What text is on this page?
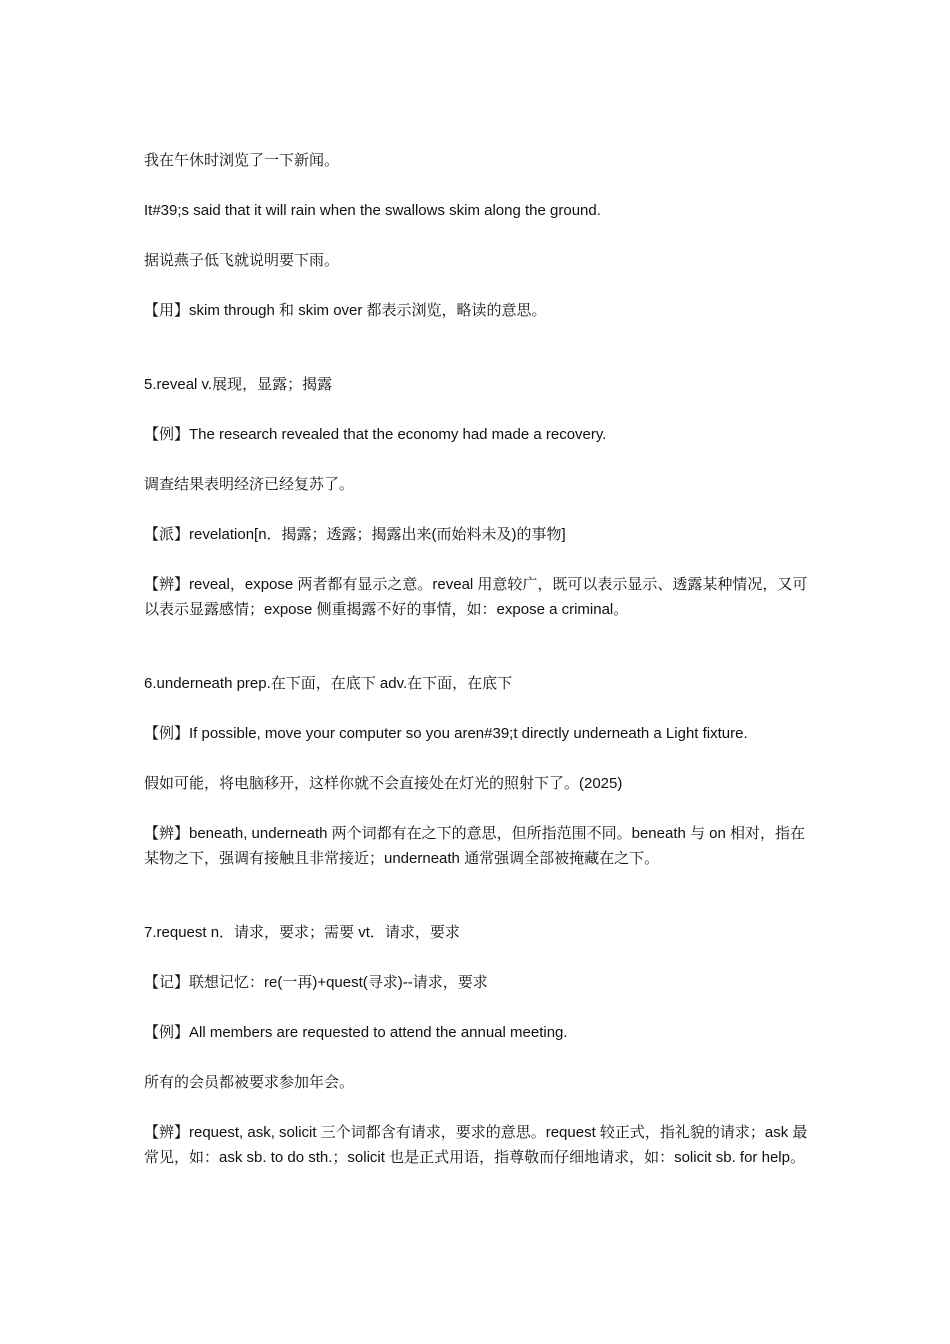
我在午休时浏览了一下新闻。

It#39;s said that it will rain when the swallows skim along the ground.

据说燕子低飞就说明要下雨。

【用】skim through 和 skim over 都表示浏览，略读的意思。

5.reveal v.展现，显露；揭露

【例】The research revealed that the economy had made a recovery.

调查结果表明经济已经复苏了。

【派】revelation[n．揭露；透露；揭露出来(而始料未及)的事物]

【辨】reveal，expose 两者都有显示之意。reveal 用意较广，既可以表示显示、透露某种情况，又可以表示显露感情；expose 侧重揭露不好的事情，如：expose a criminal。

6.underneath prep.在下面，在底下 adv.在下面，在底下

【例】If possible, move your computer so you aren#39;t directly underneath a Light fixture.

假如可能，将电脑移开，这样你就不会直接处在灯光的照射下了。(2025)

【辨】beneath, underneath 两个词都有在之下的意思，但所指范围不同。beneath 与 on 相对，指在某物之下，强调有接触且非常接近；underneath 通常强调全部被掩藏在之下。

7.request n．请求，要求；需要 vt．请求，要求

【记】联想记忆：re(一再)+quest(寻求)--请求，要求

【例】All members are requested to attend the annual meeting.

所有的会员都被要求参加年会。

【辨】request, ask, solicit 三个词都含有请求，要求的意思。request 较正式，指礼貌的请求；ask 最常见，如：ask sb. to do sth.；solicit 也是正式用语，指尊敬而仔细地请求，如：solicit sb. for help。
